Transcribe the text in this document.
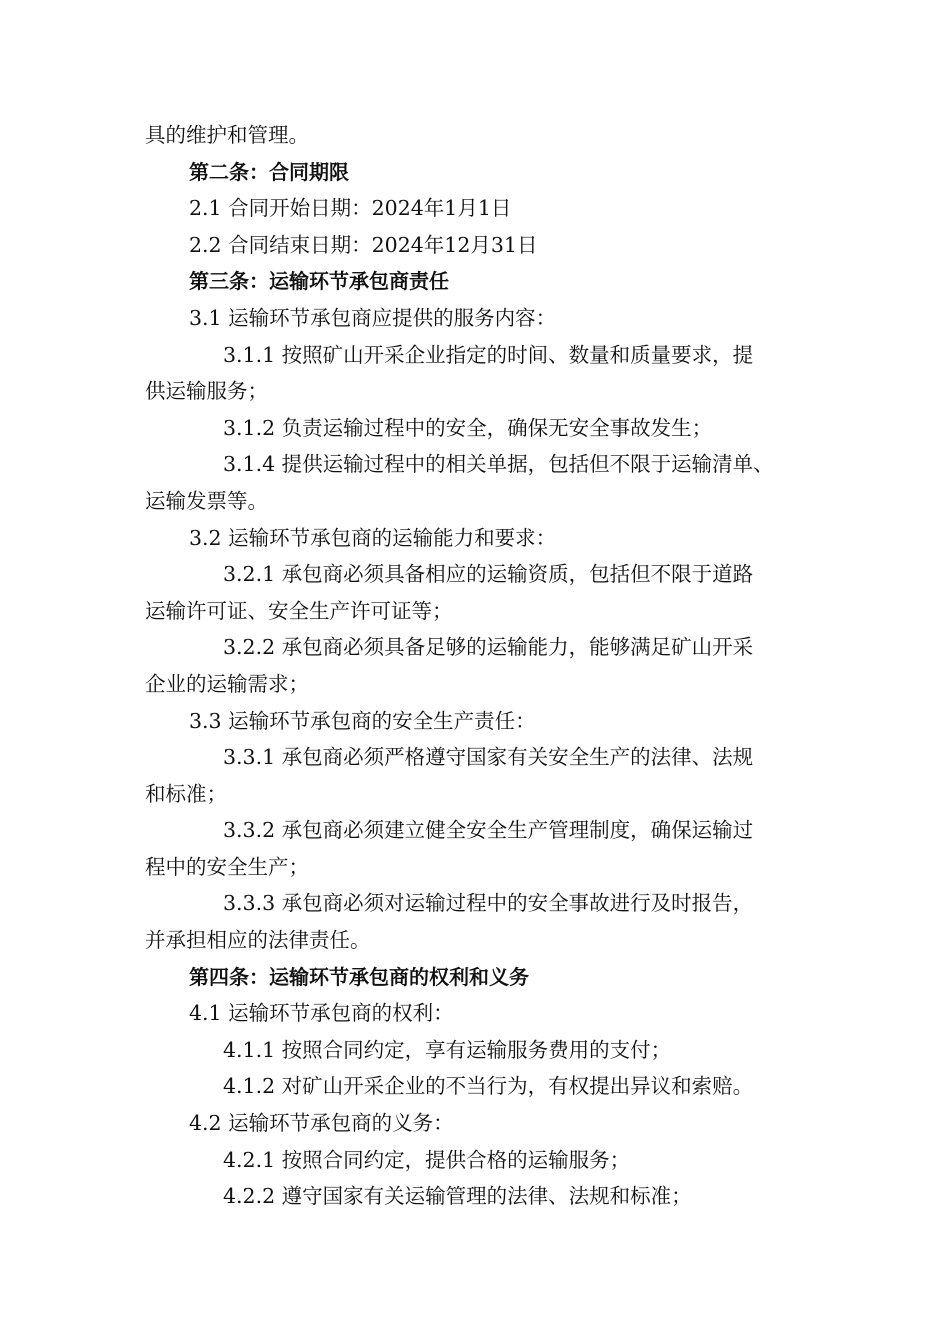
具的维护和管理。
第二条：合同期限
2.1 合同开始日期：2024年1月1日
2.2 合同结束日期：2024年12月31日
第三条：运输环节承包商责任
3.1 运输环节承包商应提供的服务内容：
3.1.1 按照矿山开采企业指定的时间、数量和质量要求，提
供运输服务；
3.1.2 负责运输过程中的安全，确保无安全事故发生；
3.1.4 提供运输过程中的相关单据，包括但不限于运输清单、
运输发票等。
3.2 运输环节承包商的运输能力和要求：
3.2.1 承包商必须具备相应的运输资质，包括但不限于道路
运输许可证、安全生产许可证等；
3.2.2 承包商必须具备足够的运输能力，能够满足矿山开采
企业的运输需求；
3.3 运输环节承包商的安全生产责任：
3.3.1 承包商必须严格遵守国家有关安全生产的法律、法规
和标准；
3.3.2 承包商必须建立健全安全生产管理制度，确保运输过
程中的安全生产；
3.3.3 承包商必须对运输过程中的安全事故进行及时报告，
并承担相应的法律责任。
第四条：运输环节承包商的权利和义务
4.1 运输环节承包商的权利：
4.1.1 按照合同约定，享有运输服务费用的支付；
4.1.2 对矿山开采企业的不当行为，有权提出异议和索赔。
4.2 运输环节承包商的义务：
4.2.1 按照合同约定，提供合格的运输服务；
4.2.2 遵守国家有关运输管理的法律、法规和标准；
